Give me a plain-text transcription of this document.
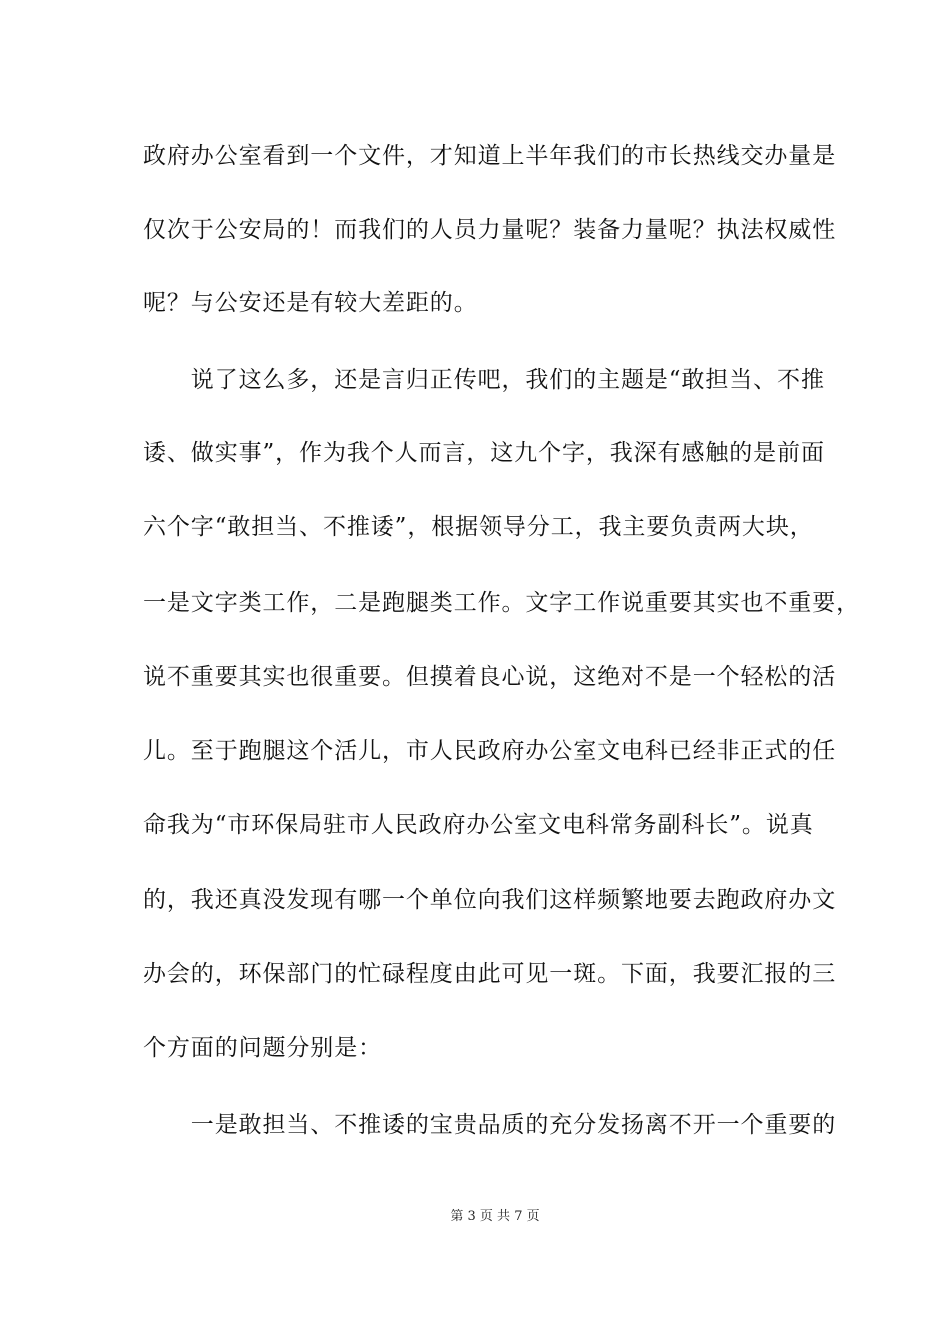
政府办公室看到一个文件，才知道上半年我们的市长热线交办量是
仅次于公安局的！而我们的人员力量呢？装备力量呢？执法权威性
呢？与公安还是有较大差距的。
　　说了这么多，还是言归正传吧，我们的主题是“敢担当、不推
诿、做实事”，作为我个人而言，这九个字，我深有感触的是前面
六个字“敢担当、不推诿”，根据领导分工，我主要负责两大块，
一是文字类工作，二是跑腿类工作。文字工作说重要其实也不重要，
说不重要其实也很重要。但摸着良心说，这绝对不是一个轻松的活
儿。至于跑腿这个活儿，市人民政府办公室文电科已经非正式的任
命我为“市环保局驻市人民政府办公室文电科常务副科长”。说真
的，我还真没发现有哪一个单位向我们这样频繁地要去跑政府办文
办会的，环保部门的忙碌程度由此可见一斑。下面，我要汇报的三
个方面的问题分别是：
　　一是敢担当、不推诿的宝贵品质的充分发扬离不开一个重要的
第 3 页 共 7 页
